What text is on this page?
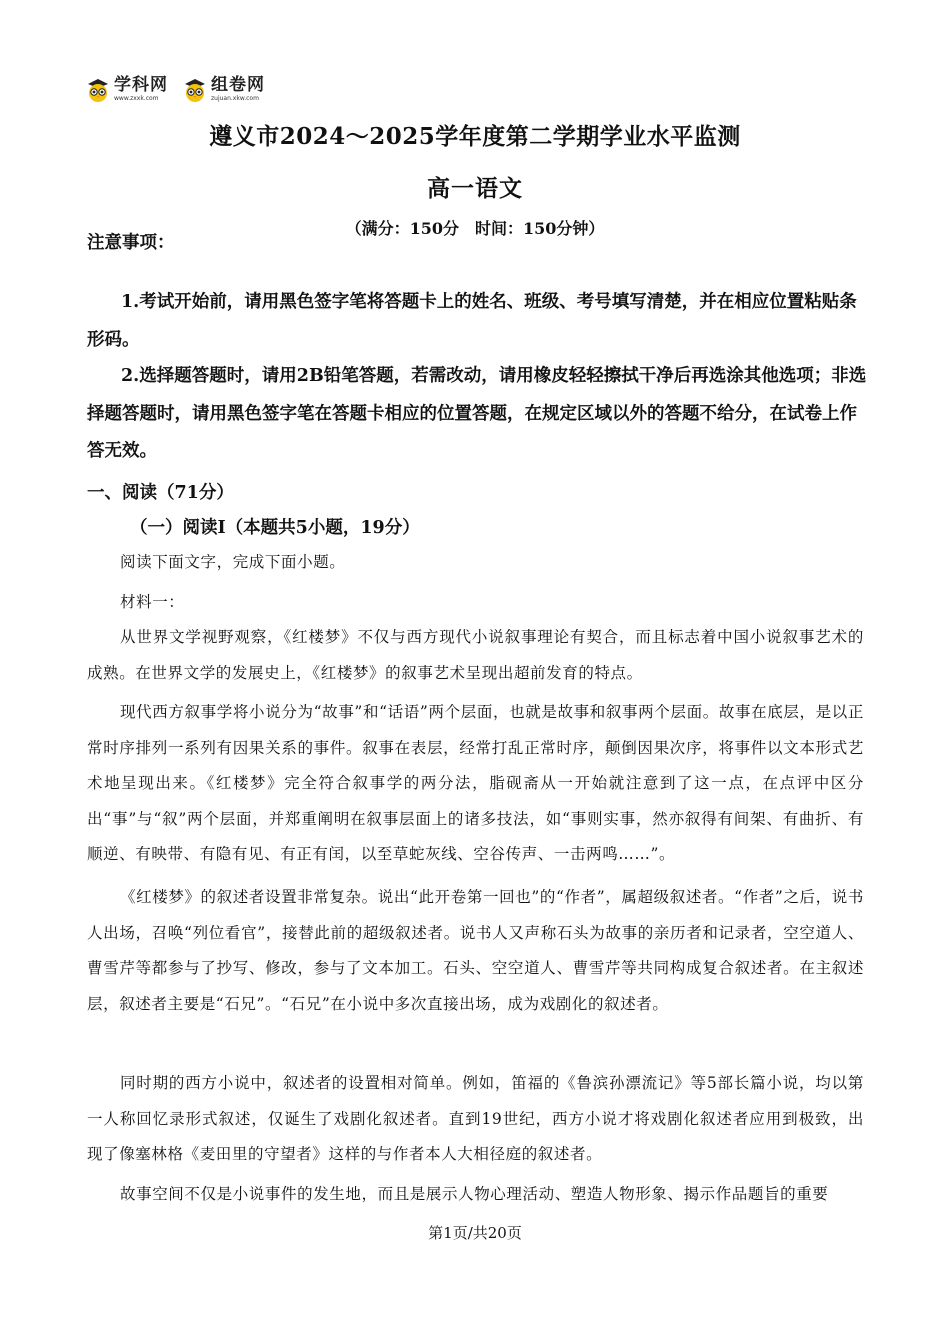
学科网
www.zxxk.com
组卷网
zujuan.xkw.com
遵义市2024～2025学年度第二学期学业水平监测
高一语文
（满分：150分　时间：150分钟）
注意事项：
1.考试开始前，请用黑色签字笔将答题卡上的姓名、班级、考号填写清楚，并在相应位置粘贴条形码。
2.选择题答题时，请用2B铅笔答题，若需改动，请用橡皮轻轻擦拭干净后再选涂其他选项；非选择题答题时，请用黑色签字笔在答题卡相应的位置答题，在规定区域以外的答题不给分，在试卷上作答无效。
一、阅读（71分）
（一）阅读Ⅰ（本题共5小题，19分）
阅读下面文字，完成下面小题。
材料一：
从世界文学视野观察，《红楼梦》不仅与西方现代小说叙事理论有契合，而且标志着中国小说叙事艺术的成熟。在世界文学的发展史上，《红楼梦》的叙事艺术呈现出超前发育的特点。
现代西方叙事学将小说分为“故事”和“话语”两个层面，也就是故事和叙事两个层面。故事在底层，是以正常时序排列一系列有因果关系的事件。叙事在表层，经常打乱正常时序，颠倒因果次序，将事件以文本形式艺术地呈现出来。《红楼梦》完全符合叙事学的两分法，脂砚斋从一开始就注意到了这一点，在点评中区分出“事”与“叙”两个层面，并郑重阐明在叙事层面上的诸多技法，如“事则实事，然亦叙得有间架、有曲折、有顺逆、有映带、有隐有见、有正有闰，以至草蛇灰线、空谷传声、一击两鸣……”。
《红楼梦》的叙述者设置非常复杂。说出“此开卷第一回也”的“作者”，属超级叙述者。“作者”之后，说书人出场，召唤“列位看官”，接替此前的超级叙述者。说书人又声称石头为故事的亲历者和记录者，空空道人、曹雪芹等都参与了抄写、修改，参与了文本加工。石头、空空道人、曹雪芹等共同构成复合叙述者。在主叙述层，叙述者主要是“石兄”。“石兄”在小说中多次直接出场，成为戏剧化的叙述者。
同时期的西方小说中，叙述者的设置相对简单。例如，笛福的《鲁滨孙漂流记》等5部长篇小说，均以第一人称回忆录形式叙述，仅诞生了戏剧化叙述者。直到19世纪，西方小说才将戏剧化叙述者应用到极致，出现了像塞林格《麦田里的守望者》这样的与作者本人大相径庭的叙述者。
故事空间不仅是小说事件的发生地，而且是展示人物心理活动、塑造人物形象、揭示作品题旨的重要
第1页/共20页
